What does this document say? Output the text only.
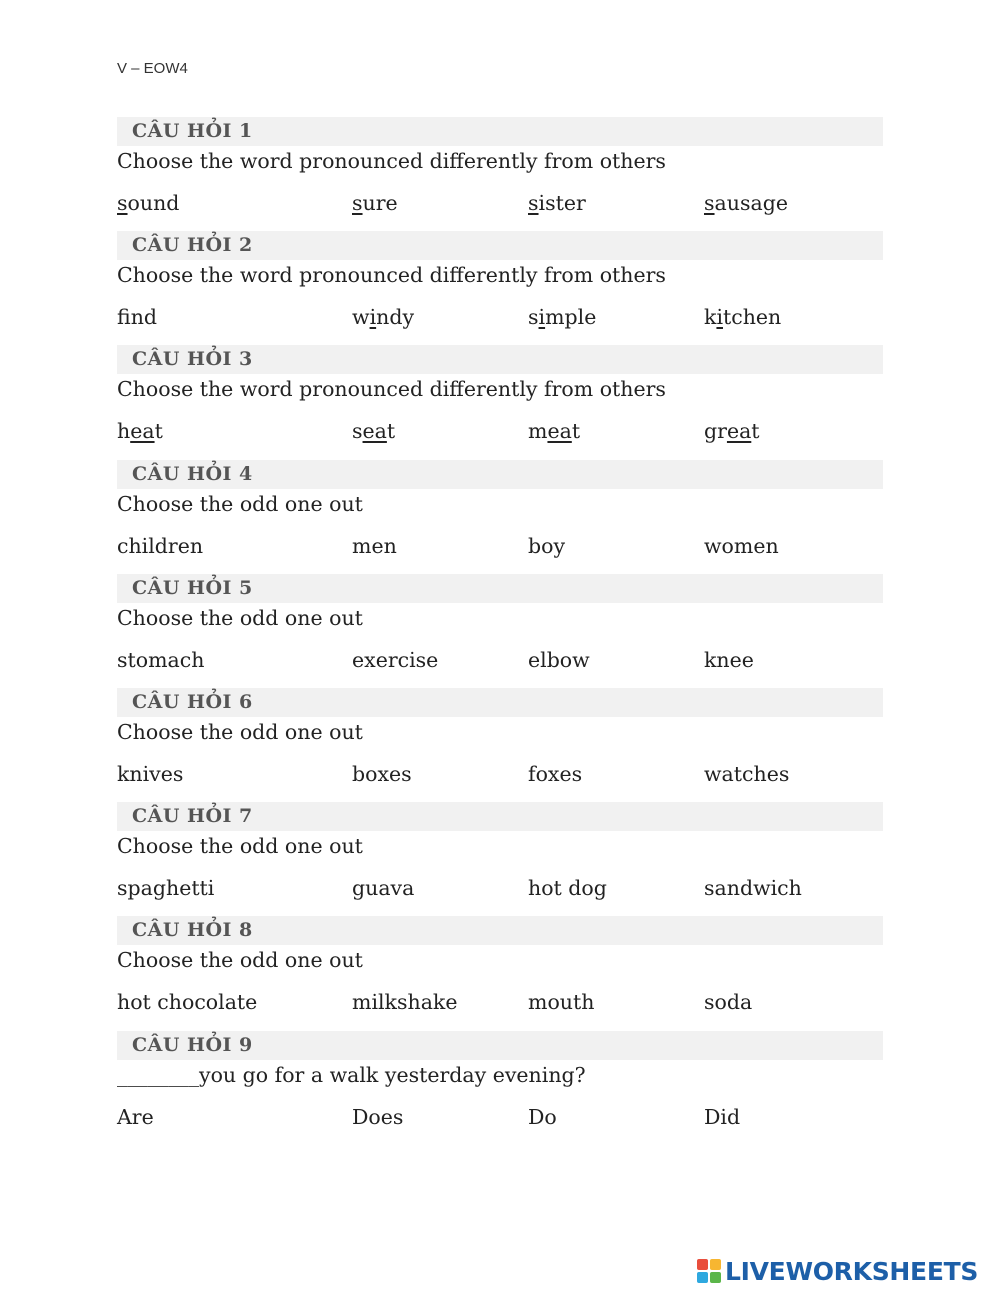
V – EOW4
CÂU HỎI 1
Choose the word pronounced differently from others
sound	sure	sister	sausage
CÂU HỎI 2
Choose the word pronounced differently from others
fnd	windy	simple	kitchen
CÂU HỎI 3
Choose the word pronounced differently from others
heat	seat	meat	great
CÂU HỎI 4
Choose the odd one out
children	men	boy	women
CÂU HỎI 5
Choose the odd one out
stomach	exercise	elbow	knee
CÂU HỎI 6
Choose the odd one out
knives	boxes	foxes	watches
CÂU HỎI 7
Choose the odd one out
spaghetti	guava	hot dog	sandwich
CÂU HỎI 8
Choose the odd one out
hot chocolate	milkshake	mouth	soda
CÂU HỎI 9
________you go for a walk yesterday evening?
Are	Does	Do	Did
LIVEWORKSHEETS
